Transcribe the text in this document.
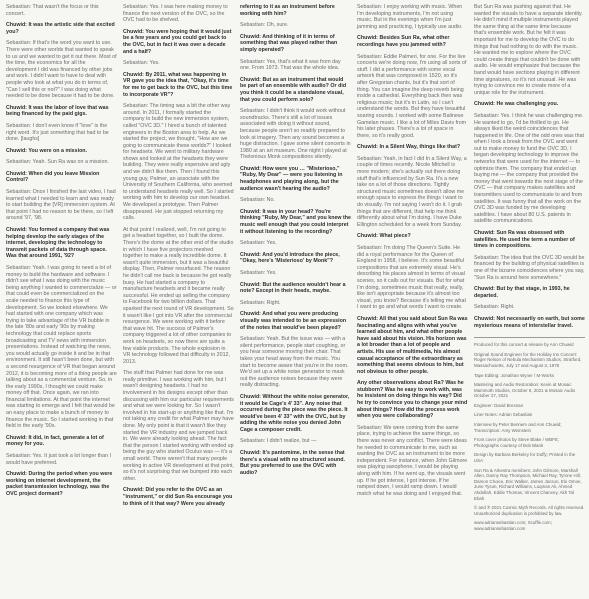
Sebastian: That wasn't the focus or this concert.

Chuwid: It was the artistic side that excited you?

Sebastian: If that's the word you want to use. There were other worlds that wanted to speak to us and we wanted to get it out there. Most of the time, the economics for all the development I did was financed by other jobs and work. I didn't want to have to deal with people who look at what you do in terms of, "Can I sell this or not?" I was doing what needed to be done because it had to be done.

Chuwid: It was the labor of love that was being financed by the paid gigs.

Sebastian: I don't even know if "love" is the right word. It's just something that had to be done. [laughs]

Chuwid: You were on a mission.

Sebastian: Yeah. Sun Ra was on a mission.

Chuwid: When did you leave Mission Control?

Sebastian: Once I finished the last video, I had learned what I needed to learn and was ready to start building the [VR] immersion system. At that point I had no reason to be there, so I left around '97, '98.

Chuwid: You formed a company that was helping develop the early stages of the internet, developing the technology to transmit packets of data through space. Was that around 1991, '92?

Sebastian: Yeah. I was going to need a lot of money to build the hardware and software. I didn't see what I was doing with the music being anything I wanted to commercialize — or that could even be commercialized on the scale needed to finance this type of development. So we looked elsewhere. We had started with one company which was trying to take advantage of the VR bubble in the late '80s and early '90s by making technology that could replace sports broadcasting and TV news with immersion presentations. Instead of watching the news, you would actually go inside it and be in that environment. It still hasn't been done, but with a second resurgence of VR that began around 2012, it is becoming more of a thing people are talking about as a commercial venture. So, in the early 1990s, I thought we could make money off that. Once again, we ran into financial limitations. At that point the internet was starting to emerge and I felt that would be an easy place to make a bunch of money to finance the music. So I started working in that field in the early '90s.

Chuwid: It did, in fact, generate a lot of money for you.

Sebastian: Yes. It just took a lot longer than I would have preferred.

Chuwid: During the period when you were working on internet development, the packet transmission technology, was the OVC project dormant?

Sebastian: Yes. I was here making money to finance the next version of the OVC, so the OVC had to be shelved.

Chuwid: You were hoping that it would just be a few years and you could get back to the OVC, but in fact it was over a decade and a half?

Sebastian: Yes.

Chuwid: By 2011, what was happening in VR gave you the idea that, "Okay, it's time for me to get back to the OVC, but this time to incorporate VR"?

Sebastian: The timing was a bit the other way around. In 2011, I formally started the company to build the new immersion system, called "OVC 3D." I hired a bunch of talented engineers in the Boston area to help. As we started the project, we thought, "How are we going to communicate these worlds?" I looked for headsets. We went to military hardware shows and looked at the headsets they were building. They were really expensive and ugly and we didn't like them. Then I found this young guy, Palmer, an associate with the University of Southern California, who seemed to understand headsets really well. So I started working with him to develop our own headset. We developed a prototype. Then Palmer disappeared. He just stopped returning my calls.

At that point I realized, well, I'm not going to get a headset together, so I built the dome. There's the dome at the other end of the studio in which I have five projectors meshed together to make a really incredible dome. It wasn't quite immersion, but it was a beautiful display. Then, Palmer resurfaced. The reason he didn't call me back is because he got really busy. He had started a company to manufacture headsets and it became really successful. He ended up selling the company to Facebook for two billion dollars. That sparked the next round of VR development. So it wasn't like I got into VR after the commercial resurgence. We were working with it before that wave hit. The success of Palmer's company triggered a lot of other companies to work on headsets, so now there are quite a few viable products. The whole explosion in VR technology followed that difficulty in 2012, 2013.

The stuff that Palmer had done for me was really primitive. I was working with him, but I wasn't designing headsets. I had no involvement in his designs except other than discussing with him our particular requirements and what we were looking for. So I wasn't involved in his start-up or anything like that. I'm not taking any credit for what Palmer may have done. My only point is that it wasn't like they started the VR industry and we jumped back in. We were already looking ahead. The fact that the person I started working with ended up being the guy who started Oculus was — it's a small world. There weren't that many people working in active VR development at that point, so it's not surprising that we bumped into each other.

Chuwid: Did you refer to the OVC as an "instrument," or did Sun Ra encourage you to think of it that way? Were you already

referring to it as an instrument before working with him?

Sebastian: Oh, sure.

Chuwid: And thinking of it in terms of something that was played rather than simply operated?

Sebastian: Yes, that's what it was from day one. From 1973. That was the whole idea.

Chuwid: But as an instrument that would be part of an ensemble with audio? Or did you think it could be a standalone visual, that you could perform solo?

Sebastian: I didn't think it would work without soundtracks. There's still a lot of issues associated with doing it without sound, because people aren't so readily prepared to look at imagery. Then any sound becomes a huge distraction. I gave some silent concerts in 1980 at an art museum. One night I played at Thelonious Monk compositions silently.

Chuwid: How were you … "Misterioso," "Ruby, My Dear" — were you listening in headphones and playing along, but the audience wasn't hearing the audio?

Sebastian: No.

Chuwid: It was in your head? You're thinking "Ruby, My Dear," and you knew the music well enough that you could interpret it without listening to the recording?

Sebastian: Yes.

Chuwid: And you'd introduce the piece, "Okay, here's 'Misterioso' by Monk"?

Sebastian: Yes.

Chuwid: But the audience wouldn't hear a note? Except in their heads, maybe.

Sebastian: Right.

Chuwid: And what you were producing visually was intended to be an expression of the notes that would've been played?

Sebastian: Yeah. But the issue was — with a silent performance, people start coughing, or you hear someone moving their chair. That takes your head away from the music. You start to become aware that you're in the room. We'd set up a white noise generator to mask out the audience noises because they were really distracting.

Chuwid: Without the white noise generator, it would be Cage's 4' 33". Any noise that occurred during the piece was the piece. It would've been 4' 33" with the OVC, but by adding the white noise you denied John Cage a composer credit.

Sebastian: I didn't realize, but —

Chuwid: It's pantomime, in the sense that there's a visual with no structured sound. But you preferred to use the OVC with audio?

Sebastian: I enjoy working with music. When I'm developing instruments, I'm not using music. But in the evenings when I'm just jamming and practicing, I typically use audio.

Chuwid: Besides Sun Ra, what other recordings have you jammed with?

Sebastian: Eddie Palmeri, for one. For the live concerts we're doing now, I'm using all sorts of stuff. I did a performance with some vocal artwork that was composed in 1520, so it's after Gregorian chants, but it's that sort of thing. You can imagine the deep reverb being inside a cathedral. Everything back then was religious music; but it's in Latin, so I can't understand the words. But they have beautiful soaring sounds. I worked with some Balinese Gamelan music. I like a lot of Miles Davis from his later phases. There's a lot of space in there, so it's really good.

Chuwid: In a Silent Way, things like that?

Sebastian: Yeah, in fact I did In a Silent Way, a couple of times recently. Nicole Mitchell is more modern; she's actually out there doing stuff that's influenced by Sun Ra. It's a new take on a lot of those directions. Tightly structured music sometimes doesn't allow me enough space to express the things I want to do visually. I'm not saying I won't do it. I grab things that are different, that help me think differently about what I'm doing. I have Duke Ellington scheduled for a week from Sunday.

Chuwid: What piece?

Sebastian: I'm doing The Queen's Suite. He did a royal performance for the Queen of England in 1958, I believe. It's some beautiful compositions that are extremely visual. He's describing his places almost in terms of visual scenes, so it calls out for visuals. But for what I'm doing, sometimes music that really, really, like isn't appropriate because it's almost too visual, you know? Because it's telling me what I want to go and what words I want to create.

Chuwid: All that you said about Sun Ra was fascinating and aligns with what you've learned about him, and what other people have said about his vision. His horizon was a lot broader than a lot of people and artists. His use of multimedia, his almost casual acceptance of the extraordinary as something that seems obvious to him, but not obvious to other people.

Any other observations about Ra? Was he stubborn? Was he easy to work with, was he insistent on doing things his way? Did he try to convince you to change your mind about things? How did the process work when you were collaborating?

Sebastian: We were coming from the same place, trying to achieve the same things, so there was never any conflict. There were ideas he needed to communicate to me, such as wanting the OVC as an instrument to be more independent. For instance, when John Gilmore was playing saxophone, I would be playing along with him. If he went up, the visuals went up. If he got intense, I got intense. If he ramped down, I would ramp down. I would match what he was doing and I enjoyed that.

But Sun Ra was pushing against that. He wanted the visuals to have a separate identity. He didn't mind if multiple instruments played the same thing at the same time because that's ensemble work. But he felt it was important for me to develop the OVC to do things that had nothing to do with the music. He wanted me to explore where the OVC could create things that couldn't be done with audio. He would emphasize that because the band would have sections playing in different time signatures, so it's not unusual. He was trying to convince me to create more of a unique role for the instrument.

Chuwid: He was challenging you.

Sebastian: Yes. I think he was challenging me. He wanted to go, I'd be thrilled to go. He always liked the weird coincidences that happened in life. One of the odd ones was that when I took a break from the OVC and went out to make money to fund the OVC 3D, I began developing technology to improve the networks that were used for the internet — to optimize them. The company that ended up buying me — the company that provided the money that went towards the next stage of the OVC — that company makes satellites and transmitters used to communicate to and from satellites. It was funny that all the work on the OVC 3D was funded by me developing satellites. I have about 80 U.S. patents in satellite communications.

Chuwid: Sun Ra was obsessed with satellites. He used the term a number of times in compositions.

Sebastian: The idea that the OVC 3D would be financed by the building of physical satellites is one of the bizarre coincidences where you say, "Sun Ra is around here somewhere."

Chuwid: But by that stage, in 1993, he departed.

Sebastian: Right.

Chuwid: Not necessarily on earth, but some mysterious means of interstellar travel.

Produced for this concert & release by Ann Chuwid

Original Sound Engineer for the Holiday Inn Concert: Roger Nelson of Nebula Mechanism Studios, Stratford, Massachusetts, July 17 and August 3, 1978

Tape Editing: Jonathan Wyner / M-Works

Mastering and Audio Restoration: Kevin at Mosaic Mammoth Studios, October 8, 2021 & Mosaic Audio October 27, 2021

Engineer: David Bresnan

Liner Notes: Adrian Sebastian

Interview by Peter Bennem and Ann Chuwid; Transcription: Amy Weinstein

Front cover photos by Steve Blake / WBFE; Photographs courtesy of Bob Blank

Design by Barbara Berkeley for Duffy; Printed in the USA

Sun Ra & Arkestra members: John Gilmore, Marshall Allen, Danny Ray Thompson, Michael Ray, Tyrone Hill, Damon Choice, Eric Walker, James Jacson, Elo Omoe, June Tyson, Richard Williams, Luqman Ali, Ahmed Abdullah, Eddie Thomas, Vincent Chancey, Akh Tal Ebah

© and ® 2021 Cosmic Myth Records. All rights reserved. Unauthorized duplication is prohibited by law.

www.adriansebastian.com; Scuffle.com; www.adriansebastian.com
